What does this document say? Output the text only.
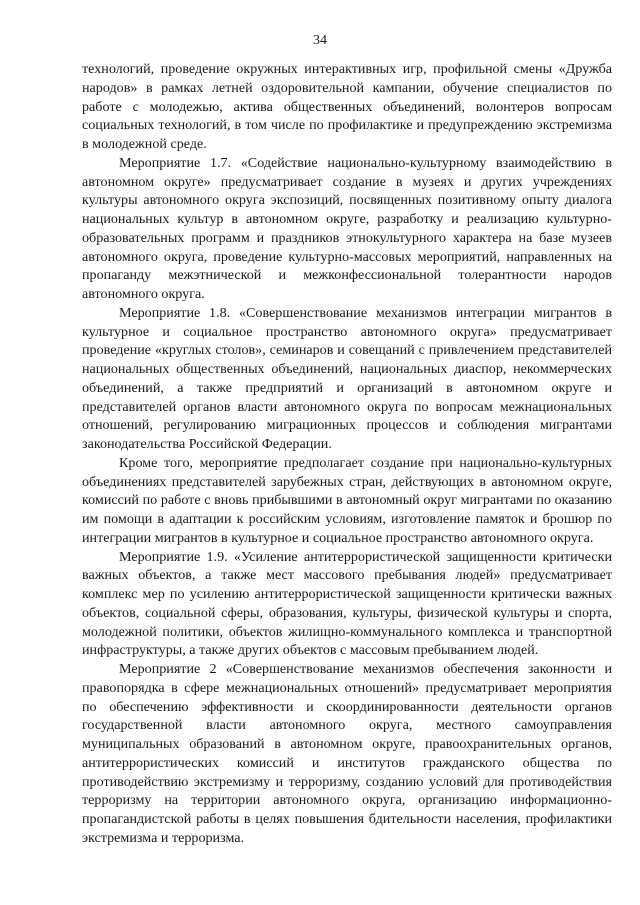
34

технологий, проведение окружных интерактивных игр, профильной смены «Дружба народов» в рамках летней оздоровительной кампании, обучение специалистов по работе с молодежью, актива общественных объединений, волонтеров вопросам социальных технологий, в том числе по профилактике и предупреждению экстремизма в молодежной среде.

Мероприятие 1.7. «Содействие национально-культурному взаимодействию в автономном округе» предусматривает создание в музеях и других учреждениях культуры автономного округа экспозиций, посвященных позитивному опыту диалога национальных культур в автономном округе, разработку и реализацию культурно-образовательных программ и праздников этнокультурного характера на базе музеев автономного округа, проведение культурно-массовых мероприятий, направленных на пропаганду межэтнической и межконфессиональной толерантности народов автономного округа.

Мероприятие 1.8. «Совершенствование механизмов интеграции мигрантов в культурное и социальное пространство автономного округа» предусматривает проведение «круглых столов», семинаров и совещаний с привлечением представителей национальных общественных объединений, национальных диаспор, некоммерческих объединений, а также предприятий и организаций в автономном округе и представителей органов власти автономного округа по вопросам межнациональных отношений, регулированию миграционных процессов и соблюдения мигрантами законодательства Российской Федерации.

Кроме того, мероприятие предполагает создание при национально-культурных объединениях представителей зарубежных стран, действующих в автономном округе, комиссий по работе с вновь прибывшими в автономный округ мигрантами по оказанию им помощи в адаптации к российским условиям, изготовление памяток и брошюр по интеграции мигрантов в культурное и социальное пространство автономного округа.

Мероприятие 1.9. «Усиление антитеррористической защищенности критически важных объектов, а также мест массового пребывания людей» предусматривает комплекс мер по усилению антитеррористической защищенности критически важных объектов, социальной сферы, образования, культуры, физической культуры и спорта, молодежной политики, объектов жилищно-коммунального комплекса и транспортной инфраструктуры, а также других объектов с массовым пребыванием людей.

Мероприятие 2 «Совершенствование механизмов обеспечения законности и правопорядка в сфере межнациональных отношений» предусматривает мероприятия по обеспечению эффективности и скоординированности деятельности органов государственной власти автономного округа, местного самоуправления муниципальных образований в автономном округе, правоохранительных органов, антитеррористических комиссий и институтов гражданского общества по противодействию экстремизму и терроризму, созданию условий для противодействия терроризму на территории автономного округа, организацию информационно-пропагандистской работы в целях повышения бдительности населения, профилактики экстремизма и терроризма.
